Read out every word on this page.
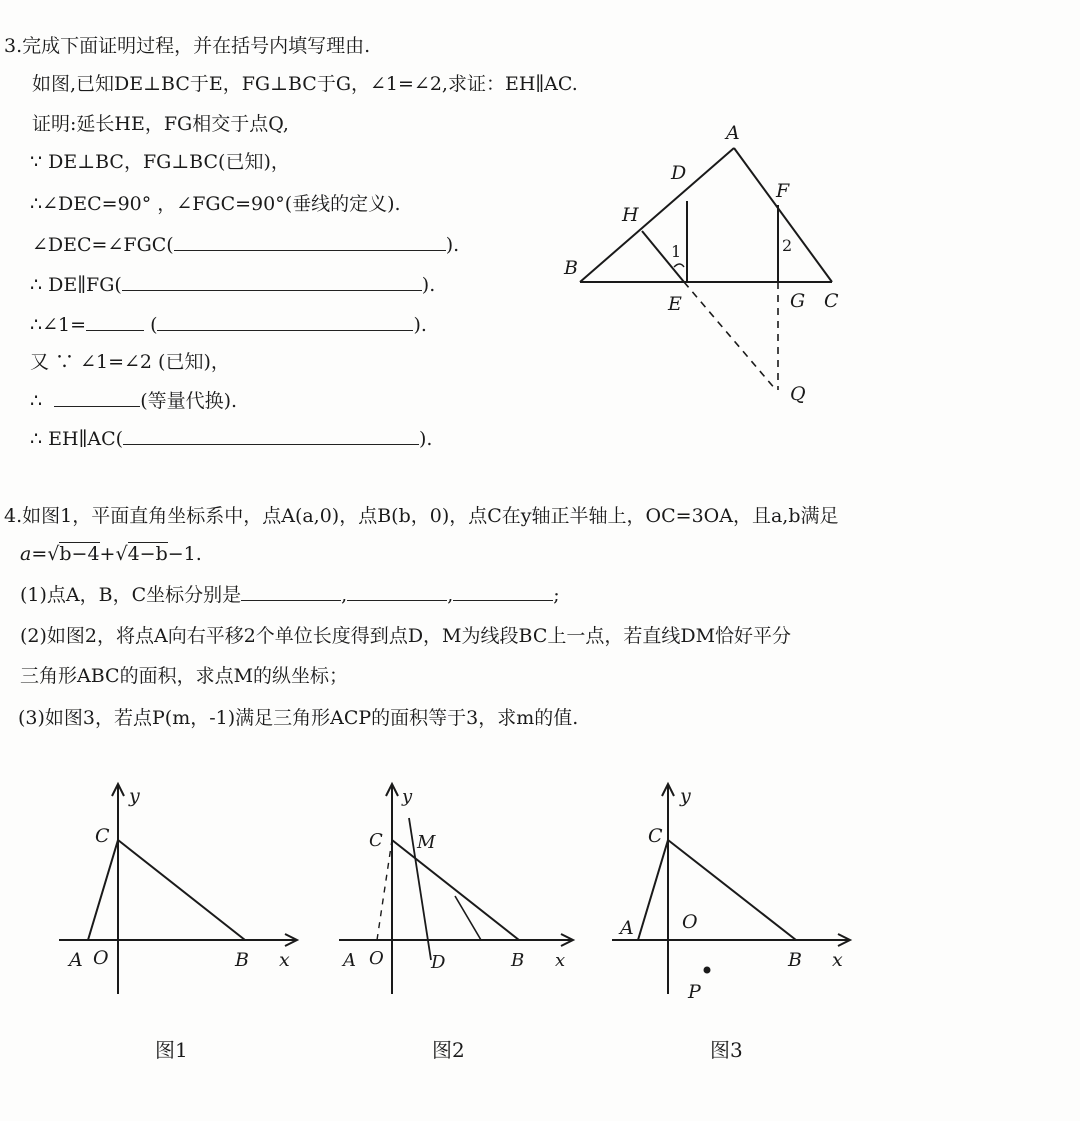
3.完成下面证明过程，并在括号内填写理由.
如图,已知DE⊥BC于E，FG⊥BC于G，∠1=∠2,求证：EH∥AC.
证明:延长HE，FG相交于点Q,
∵ DE⊥BC，FG⊥BC(已知)，
∴∠DEC=90° ，∠FGC=90°(垂线的定义).
∠DEC=∠FGC(	).
∴ DE∥FG(	).
∴∠1=	(	).
又 ∵ ∠1=∠2 (已知)，
∴	(等量代换).
∴ EH∥AC(	).
A
B
C
D
E
F
G
H
Q
1	2
4.如图1，平面直角坐标系中，点A(a,0)，点B(b，0)，点C在y轴正半轴上，OC=3OA，且a,b满足
a=√b−4+√4−b−1.
(1)点A，B，C坐标分别是	,	,	;
(2)如图2，将点A向右平移2个单位长度得到点D，M为线段BC上一点，若直线DM恰好平分
三角形ABC的面积，求点M的纵坐标；
(3)如图3，若点P(m，-1)满足三角形ACP的面积等于3，求m的值.
y
x
C
A O	B
图1
y
x
C M
A O	D	B
图2
y
x
C
A	O
B
P
图3
